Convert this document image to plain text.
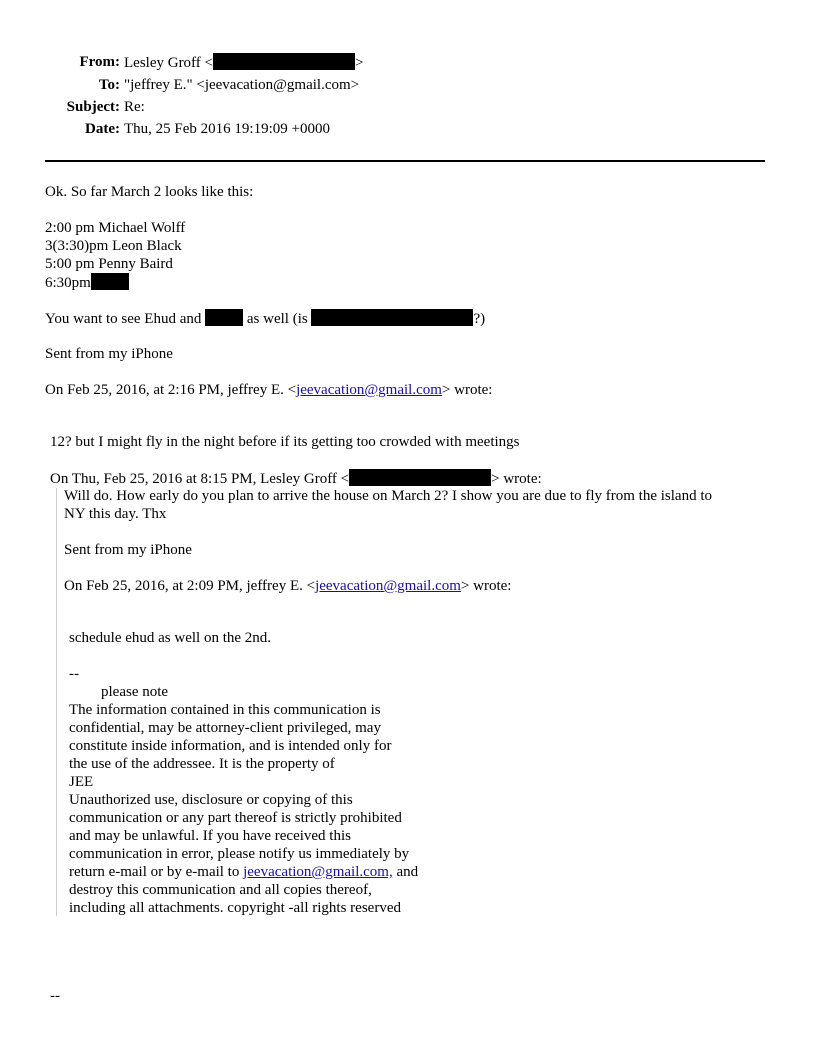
From: Lesley Groff <	>
To: "jeffrey E." <jeevacation@gmail.com>
Subject: Re:
Date: Thu, 25 Feb 2016 19:19:09 +0000
Ok. So far March 2 looks like this:
2:00 pm Michael Wolff
3(3:30)pm Leon Black
5:00 pm Penny Baird
6:30pm
You want to see Ehud and	as well (is	?)
Sent from my iPhone
On Feb 25, 2016, at 2:16 PM, jeffrey E. <jeevacation@gmail.com> wrote:
12? but I might fly in the night before if its getting too crowded with meetings
On Thu, Feb 25, 2016 at 8:15 PM, Lesley Groff <	> wrote:
Will do. How early do you plan to arrive the house on March 2? I show you are due to fly from the island to
NY this day. Thx
Sent from my iPhone
On Feb 25, 2016, at 2:09 PM, jeffrey E. <jeevacation@gmail.com> wrote:
schedule ehud as well on the 2nd.
--
please note
The information contained in this communication is
confidential, may be attorney-client privileged, may
constitute inside information, and is intended only for
the use of the addressee. It is the property of
JEE
Unauthorized use, disclosure or copying of this
communication or any part thereof is strictly prohibited
and may be unlawful. If you have received this
communication in error, please notify us immediately by
return e-mail or by e-mail to jeevacation@gmail.com, and
destroy this communication and all copies thereof,
including all attachments. copyright -all rights reserved
--
